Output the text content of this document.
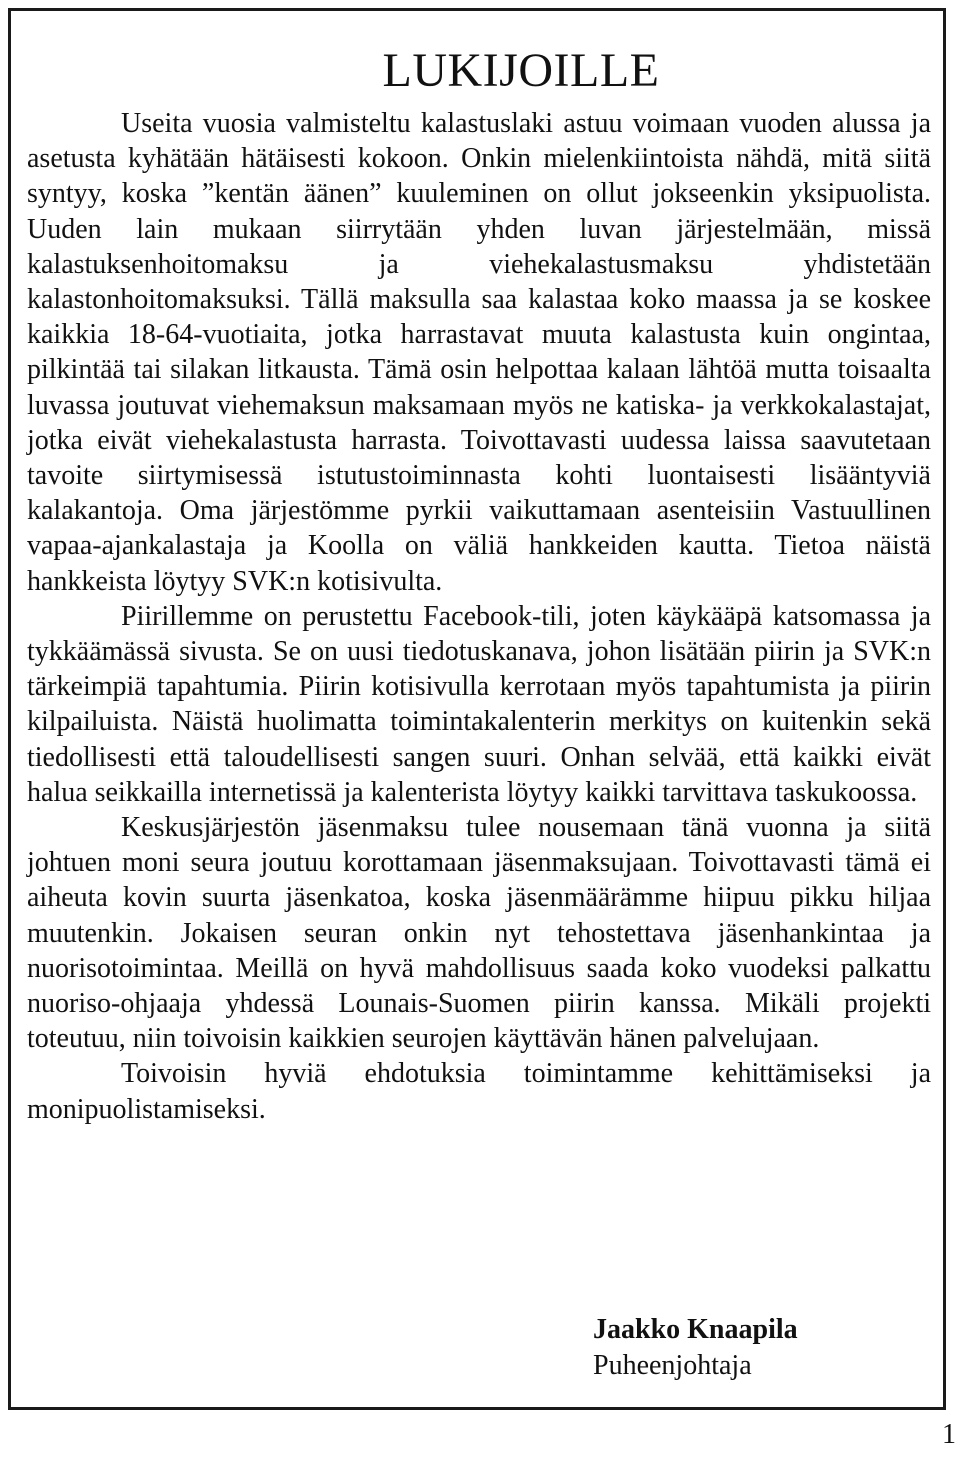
LUKIJOILLE

Useita vuosia valmisteltu kalastuslaki astuu voimaan vuoden alussa ja asetusta kyhätään hätäisesti kokoon. Onkin mielenkiintoista nähdä, mitä siitä syntyy, koska ”kentän äänen” kuuleminen on ollut jokseenkin yksipuolista. Uuden lain mukaan siirrytään yhden luvan järjestelmään, missä kalastuksenhoitomaksu ja viehekalastusmaksu yhdistetään kalastonhoitomaksuksi. Tällä maksulla saa kalastaa koko maassa ja se koskee kaikkia 18-64-vuotiaita, jotka harrastavat muuta kalastusta kuin ongintaa, pilkintää tai silakan litkausta. Tämä osin helpottaa kalaan lähtöä mutta toisaalta luvassa joutuvat viehemaksun maksamaan myös ne katiska- ja verkkokalastajat, jotka eivät viehekalastusta harrasta. Toivottavasti uudessa laissa saavutetaan tavoite siirtymisessä istutustoiminnasta kohti luontaisesti lisääntyviä kalakantoja. Oma järjestömme pyrkii vaikuttamaan asenteisiin Vastuullinen vapaa-ajankalastaja ja Koolla on väliä hankkeiden kautta. Tietoa näistä hankkeista löytyy SVK:n kotisivulta.

Piirillemme on perustettu Facebook-tili, joten käykääpä katsomassa ja tykkäämässä sivusta. Se on uusi tiedotuskanava, johon lisätään piirin ja SVK:n tärkeimpiä tapahtumia. Piirin kotisivulla kerrotaan myös tapahtumista ja piirin kilpailuista. Näistä huolimatta toimintakalenterin merkitys on kuitenkin sekä tiedollisesti että taloudellisesti sangen suuri. Onhan selvää, että kaikki eivät halua seikkailla internetissä ja kalenterista löytyy kaikki tarvittava taskukoossa.

Keskusjärjestön jäsenmaksu tulee nousemaan tänä vuonna ja siitä johtuen moni seura joutuu korottamaan jäsenmaksujaan. Toivottavasti tämä ei aiheuta kovin suurta jäsenkatoa, koska jäsenmäärämme hiipuu pikku hiljaa muutenkin. Jokaisen seuran onkin nyt tehostettava jäsenhankintaa ja nuorisotoimintaa. Meillä on hyvä mahdollisuus saada koko vuodeksi palkattu nuoriso-ohjaaja yhdessä Lounais-Suomen piirin kanssa. Mikäli projekti toteutuu, niin toivoisin kaikkien seurojen käyttävän hänen palvelujaan.

Toivoisin hyviä ehdotuksia toimintamme kehittämiseksi ja monipuolistamiseksi.

Jaakko Knaapila
Puheenjohtaja
1
